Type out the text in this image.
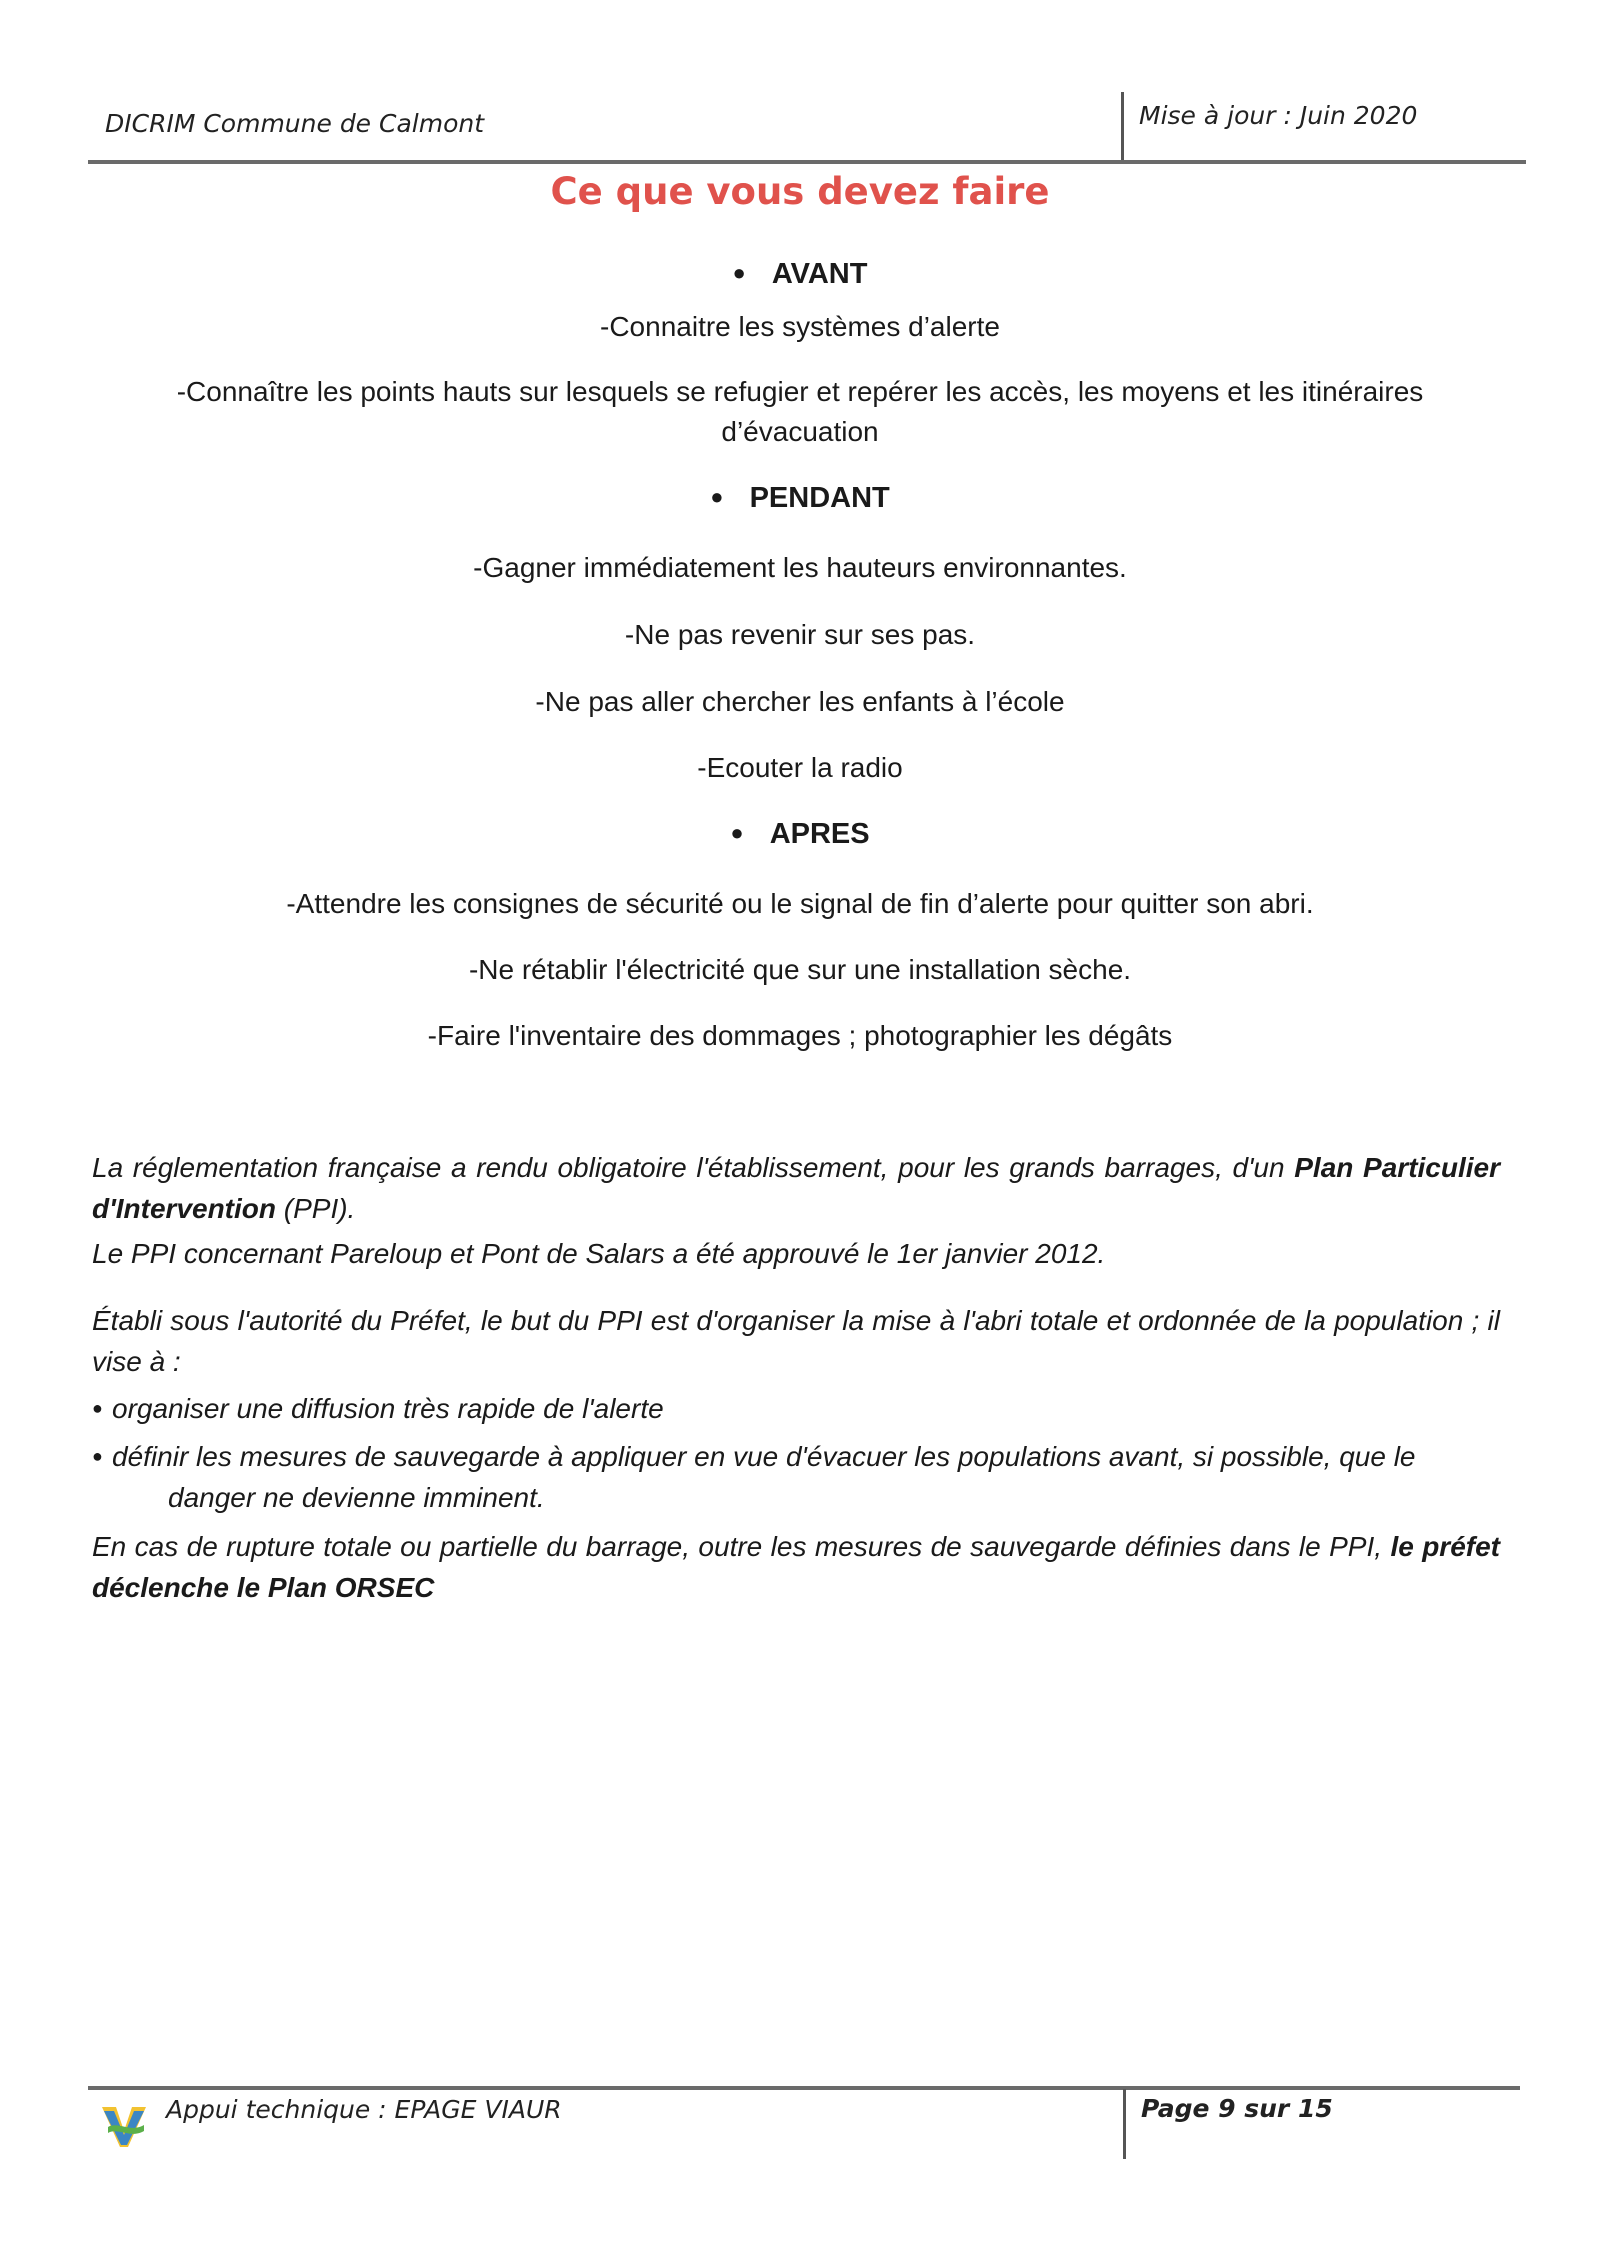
DICRIM Commune de Calmont	Mise à jour : Juin 2020
Ce que vous devez faire
● AVANT
-Connaitre les systèmes d’alerte
-Connaître les points hauts sur lesquels se refugier et repérer les accès, les moyens et les itinéraires
d’évacuation
● PENDANT
-Gagner immédiatement les hauteurs environnantes.
-Ne pas revenir sur ses pas.
-Ne pas aller chercher les enfants à l’école
-Ecouter la radio
● APRES
-Attendre les consignes de sécurité ou le signal de fin d’alerte pour quitter son abri.
-Ne rétablir l'électricité que sur une installation sèche.
-Faire l'inventaire des dommages ; photographier les dégâts
La réglementation française a rendu obligatoire l'établissement, pour les grands barrages, d'un Plan Particulier d'Intervention (PPI).
Le PPI concernant Pareloup et Pont de Salars a été approuvé le 1er janvier 2012.
Établi sous l'autorité du Préfet, le but du PPI est d'organiser la mise à l'abri totale et ordonnée de la population ; il vise à :
● organiser une diffusion très rapide de l'alerte
● définir les mesures de sauvegarde à appliquer en vue d'évacuer les populations avant, si possible, que le
danger ne devienne imminent.
En cas de rupture totale ou partielle du barrage, outre les mesures de sauvegarde définies dans le PPI, le préfet déclenche le Plan ORSEC
Appui technique : EPAGE VIAUR	Page 9 sur 15
